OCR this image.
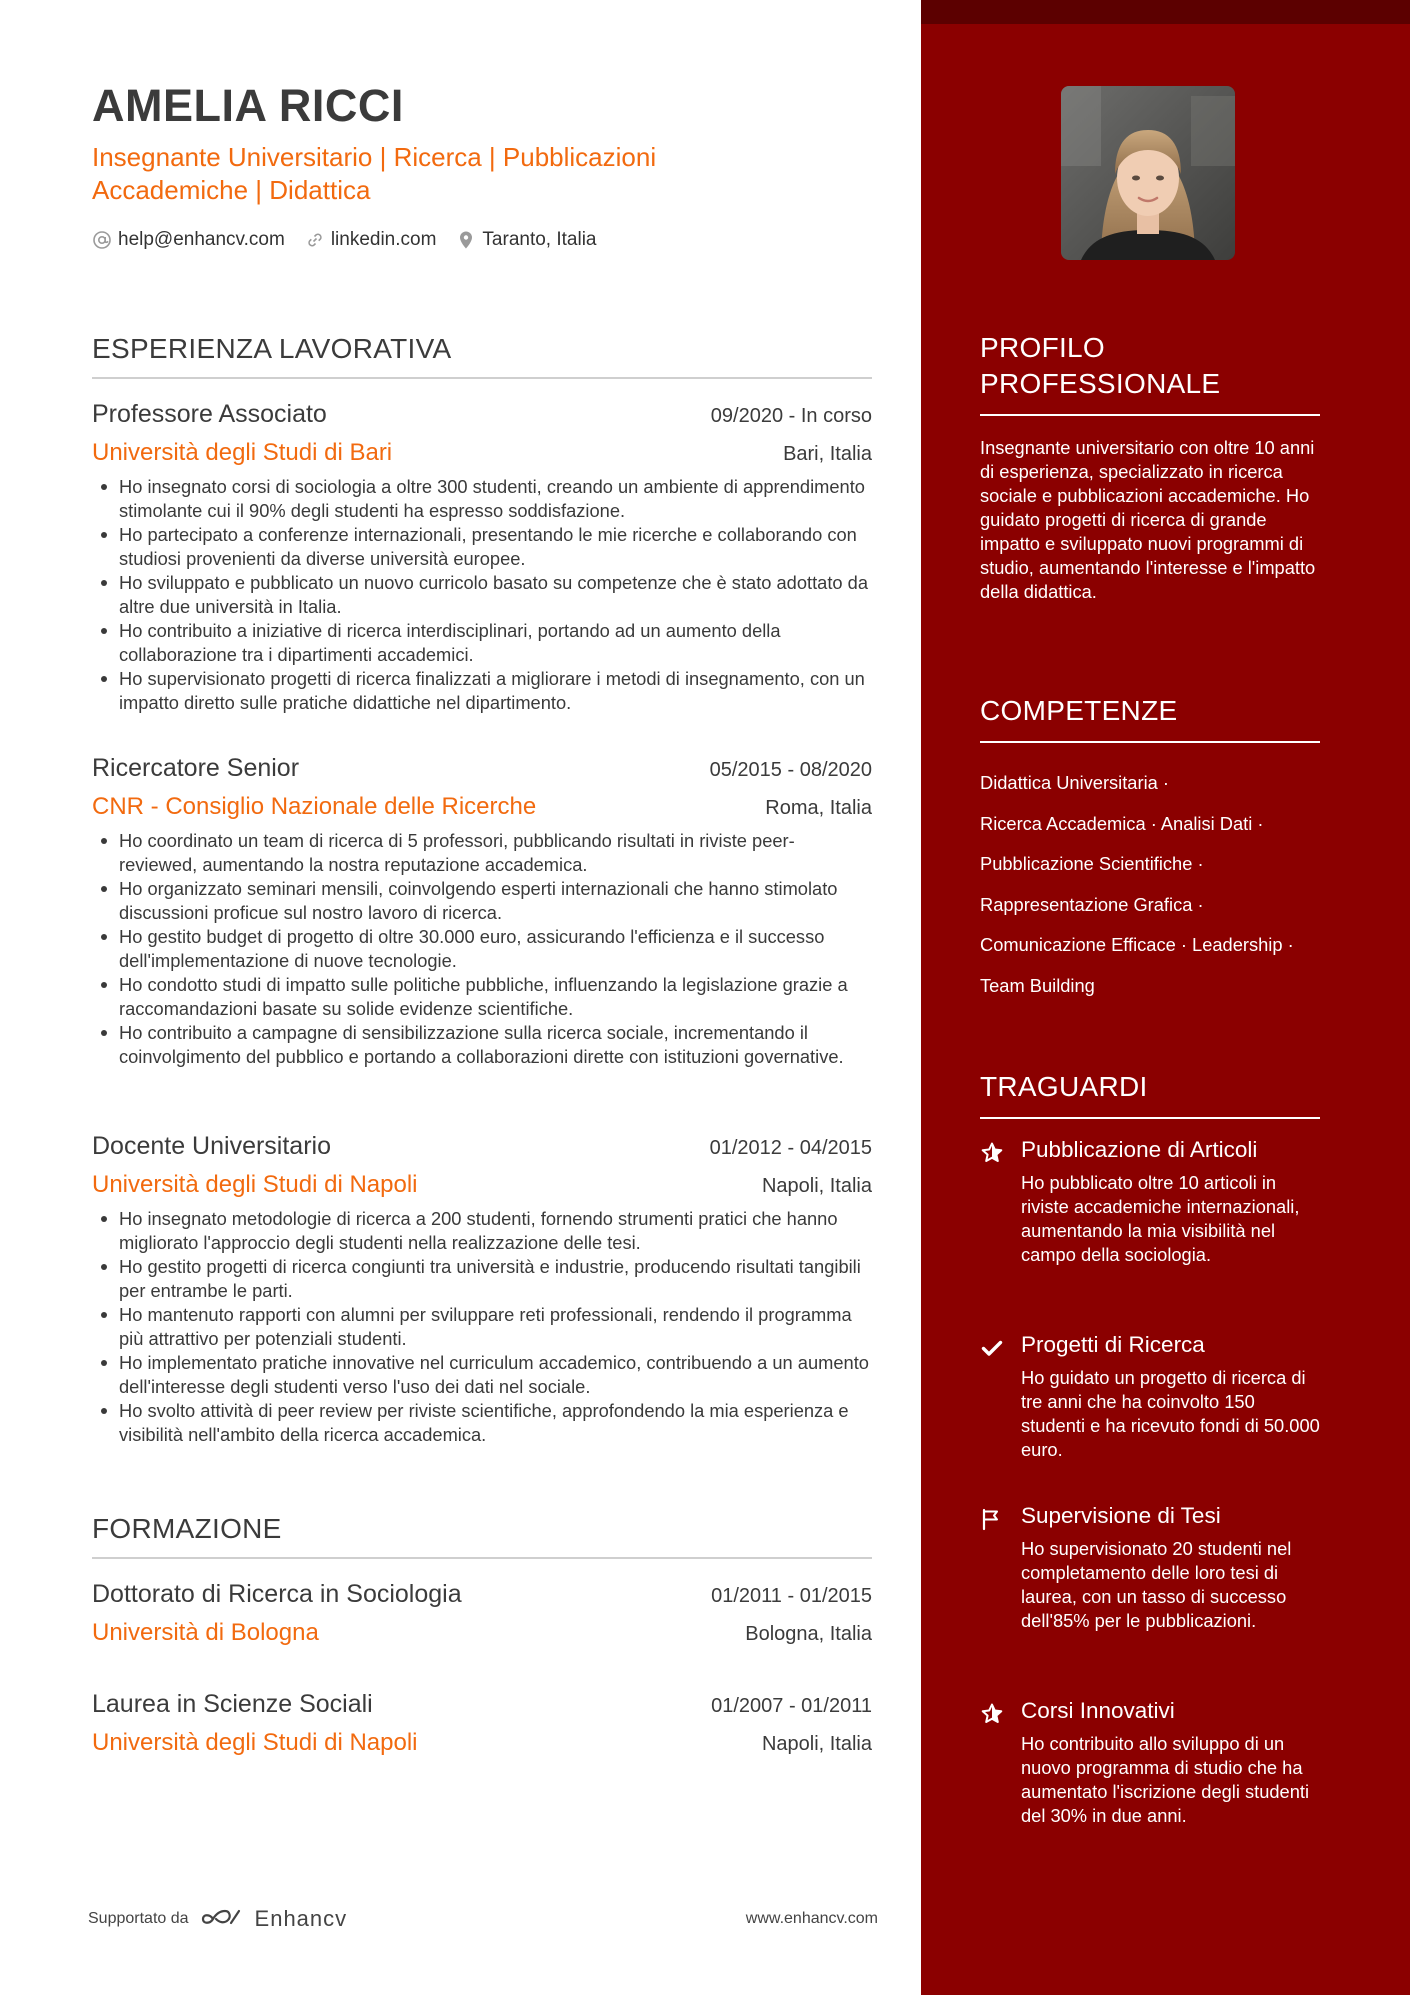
AMELIA RICCI
Insegnante Universitario | Ricerca | Pubblicazioni Accademiche | Didattica
help@enhancv.com linkedin.com Taranto, Italia
ESPERIENZA LAVORATIVA
Professore Associato	09/2020 - In corso
Università degli Studi di Bari	Bari, Italia
Ho insegnato corsi di sociologia a oltre 300 studenti, creando un ambiente di apprendimento stimolante cui il 90% degli studenti ha espresso soddisfazione.
Ho partecipato a conferenze internazionali, presentando le mie ricerche e collaborando con studiosi provenienti da diverse università europee.
Ho sviluppato e pubblicato un nuovo curricolo basato su competenze che è stato adottato da altre due università in Italia.
Ho contribuito a iniziative di ricerca interdisciplinari, portando ad un aumento della collaborazione tra i dipartimenti accademici.
Ho supervisionato progetti di ricerca finalizzati a migliorare i metodi di insegnamento, con un impatto diretto sulle pratiche didattiche nel dipartimento.
Ricercatore Senior	05/2015 - 08/2020
CNR - Consiglio Nazionale delle Ricerche	Roma, Italia
Ho coordinato un team di ricerca di 5 professori, pubblicando risultati in riviste peer-reviewed, aumentando la nostra reputazione accademica.
Ho organizzato seminari mensili, coinvolgendo esperti internazionali che hanno stimolato discussioni proficue sul nostro lavoro di ricerca.
Ho gestito budget di progetto di oltre 30.000 euro, assicurando l'efficienza e il successo dell'implementazione di nuove tecnologie.
Ho condotto studi di impatto sulle politiche pubbliche, influenzando la legislazione grazie a raccomandazioni basate su solide evidenze scientifiche.
Ho contribuito a campagne di sensibilizzazione sulla ricerca sociale, incrementando il coinvolgimento del pubblico e portando a collaborazioni dirette con istituzioni governative.
Docente Universitario	01/2012 - 04/2015
Università degli Studi di Napoli	Napoli, Italia
Ho insegnato metodologie di ricerca a 200 studenti, fornendo strumenti pratici che hanno migliorato l'approccio degli studenti nella realizzazione delle tesi.
Ho gestito progetti di ricerca congiunti tra università e industrie, producendo risultati tangibili per entrambe le parti.
Ho mantenuto rapporti con alumni per sviluppare reti professionali, rendendo il programma più attrattivo per potenziali studenti.
Ho implementato pratiche innovative nel curriculum accademico, contribuendo a un aumento dell'interesse degli studenti verso l'uso dei dati nel sociale.
Ho svolto attività di peer review per riviste scientifiche, approfondendo la mia esperienza e visibilità nell'ambito della ricerca accademica.
FORMAZIONE
Dottorato di Ricerca in Sociologia	01/2011 - 01/2015
Università di Bologna	Bologna, Italia
Laurea in Scienze Sociali	01/2007 - 01/2011
Università degli Studi di Napoli	Napoli, Italia
Supportato da	Enhancv	www.enhancv.com
PROFILO PROFESSIONALE
Insegnante universitario con oltre 10 anni di esperienza, specializzato in ricerca sociale e pubblicazioni accademiche. Ho guidato progetti di ricerca di grande impatto e sviluppato nuovi programmi di studio, aumentando l'interesse e l'impatto della didattica.
COMPETENZE
Didattica Universitaria ·
Ricerca Accademica · Analisi Dati ·
Pubblicazione Scientifiche ·
Rappresentazione Grafica ·
Comunicazione Efficace · Leadership ·
Team Building
TRAGUARDI
Pubblicazione di Articoli
Ho pubblicato oltre 10 articoli in riviste accademiche internazionali, aumentando la mia visibilità nel campo della sociologia.
Progetti di Ricerca
Ho guidato un progetto di ricerca di tre anni che ha coinvolto 150 studenti e ha ricevuto fondi di 50.000 euro.
Supervisione di Tesi
Ho supervisionato 20 studenti nel completamento delle loro tesi di laurea, con un tasso di successo dell'85% per le pubblicazioni.
Corsi Innovativi
Ho contribuito allo sviluppo di un nuovo programma di studio che ha aumentato l'iscrizione degli studenti del 30% in due anni.
